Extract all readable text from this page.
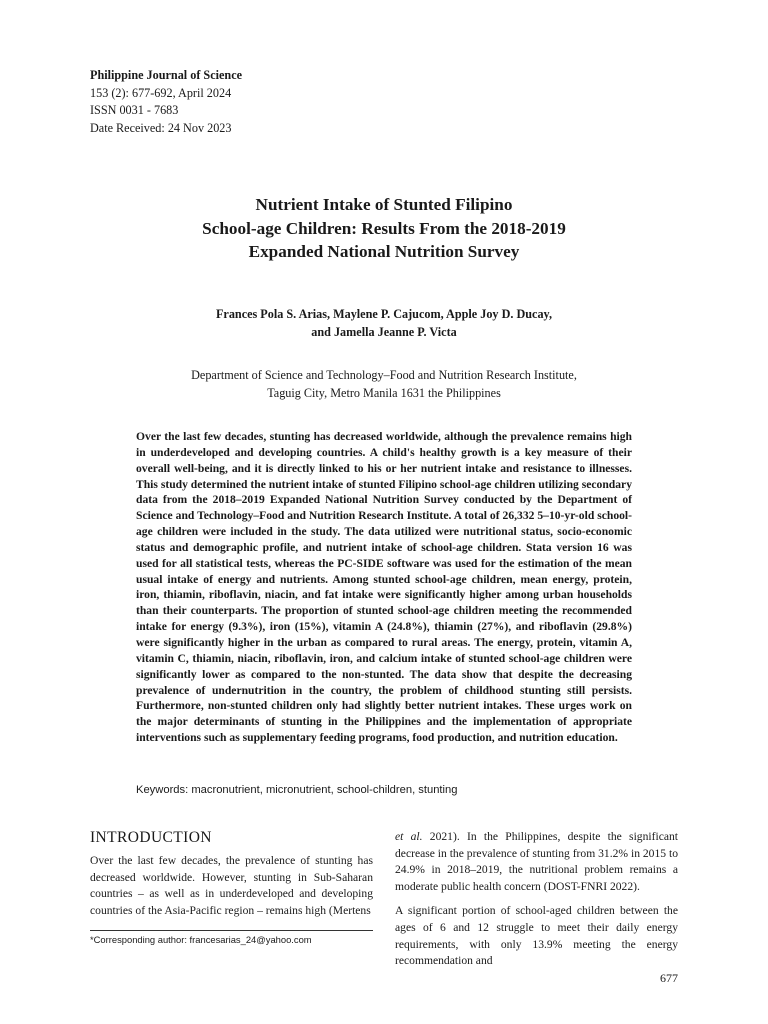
Philippine Journal of Science
153 (2): 677-692, April 2024
ISSN 0031 - 7683
Date Received: 24 Nov 2023
Nutrient Intake of Stunted Filipino
School-age Children: Results From the 2018-2019
Expanded National Nutrition Survey
Frances Pola S. Arias, Maylene P. Cajucom, Apple Joy D. Ducay,
and Jamella Jeanne P. Victa
Department of Science and Technology–Food and Nutrition Research Institute,
Taguig City, Metro Manila 1631 the Philippines
Over the last few decades, stunting has decreased worldwide, although the prevalence remains high in underdeveloped and developing countries. A child's healthy growth is a key measure of their overall well-being, and it is directly linked to his or her nutrient intake and resistance to illnesses. This study determined the nutrient intake of stunted Filipino school-age children utilizing secondary data from the 2018–2019 Expanded National Nutrition Survey conducted by the Department of Science and Technology–Food and Nutrition Research Institute. A total of 26,332 5–10-yr-old school-age children were included in the study. The data utilized were nutritional status, socio-economic status and demographic profile, and nutrient intake of school-age children. Stata version 16 was used for all statistical tests, whereas the PC-SIDE software was used for the estimation of the mean usual intake of energy and nutrients. Among stunted school-age children, mean energy, protein, iron, thiamin, riboflavin, niacin, and fat intake were significantly higher among urban households than their counterparts. The proportion of stunted school-age children meeting the recommended intake for energy (9.3%), iron (15%), vitamin A (24.8%), thiamin (27%), and riboflavin (29.8%) were significantly higher in the urban as compared to rural areas. The energy, protein, vitamin A, vitamin C, thiamin, niacin, riboflavin, iron, and calcium intake of stunted school-age children were significantly lower as compared to the non-stunted. The data show that despite the decreasing prevalence of undernutrition in the country, the problem of childhood stunting still persists. Furthermore, non-stunted children only had slightly better nutrient intakes. These urges work on the major determinants of stunting in the Philippines and the implementation of appropriate interventions such as supplementary feeding programs, food production, and nutrition education.
Keywords: macronutrient, micronutrient, school-children, stunting
INTRODUCTION

Over the last few decades, the prevalence of stunting has decreased worldwide. However, stunting in Sub-Saharan countries – as well as in underdeveloped and developing countries of the Asia-Pacific region – remains high (Mertens

et al. 2021). In the Philippines, despite the significant decrease in the prevalence of stunting from 31.2% in 2015 to 24.9% in 2018–2019, the nutritional problem remains a moderate public health concern (DOST-FNRI 2022).

A significant portion of school-aged children between the ages of 6 and 12 struggle to meet their daily energy requirements, with only 13.9% meeting the energy recommendation and

*Corresponding author: francesarias_24@yahoo.com
677
